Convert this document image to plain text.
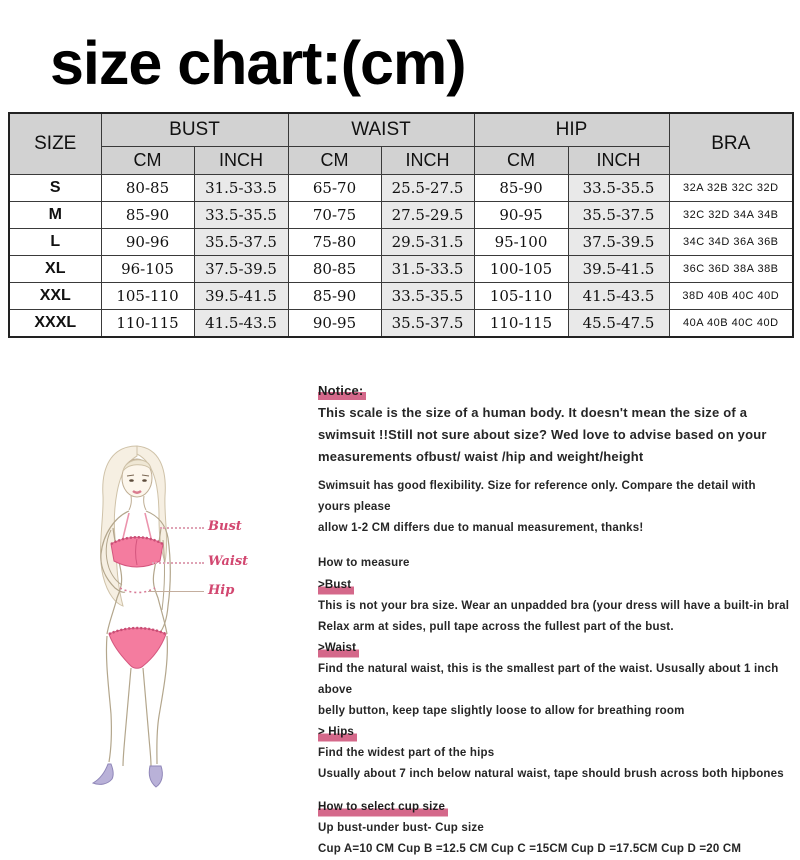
size chart:(cm)
SIZE	BUST		WAIST		HIP		BRA
	CM	INCH	CM	INCH	CM	INCH	
S	80-85	31.5-33.5	65-70	25.5-27.5	85-90	33.5-35.5	32A 32B 32C 32D
M	85-90	33.5-35.5	70-75	27.5-29.5	90-95	35.5-37.5	32C 32D 34A 34B
L	90-96	35.5-37.5	75-80	29.5-31.5	95-100	37.5-39.5	34C 34D 36A 36B
XL	96-105	37.5-39.5	80-85	31.5-33.5	100-105	39.5-41.5	36C 36D 38A 38B
XXL	105-110	39.5-41.5	85-90	33.5-35.5	105-110	41.5-43.5	38D 40B 40C 40D
XXXL	110-115	41.5-43.5	90-95	35.5-37.5	110-115	45.5-47.5	40A 40B 40C 40D
Bust
Waist
Hip
Notice:
This scale is the size of a human body. It doesn't mean the size of a
swimsuit !!Still not sure about size? Wed love to advise based on your
measurements ofbust/ waist /hip and weight/height
Swimsuit has good flexibility. Size for reference only. Compare the detail with yours please
allow 1-2 CM differs due to manual measurement, thanks!
How to measure
>Bust
This is not your bra size. Wear an unpadded bra (your dress will have a built-in bral
Relax arm at sides, pull tape across the fullest part of the bust.
>Waist
Find the natural waist, this is the smallest part of the waist. Ususally about 1 inch above
belly button, keep tape slightly loose to allow for breathing room
> Hips
Find the widest part of the hips
Usually about 7 inch below natural waist, tape should brush across both hipbones
How to select cup size
Up bust-under bust- Cup size
Cup A=10 CM Cup B =12.5 CM Cup C =15CM Cup D =17.5CM Cup D =20 CM
